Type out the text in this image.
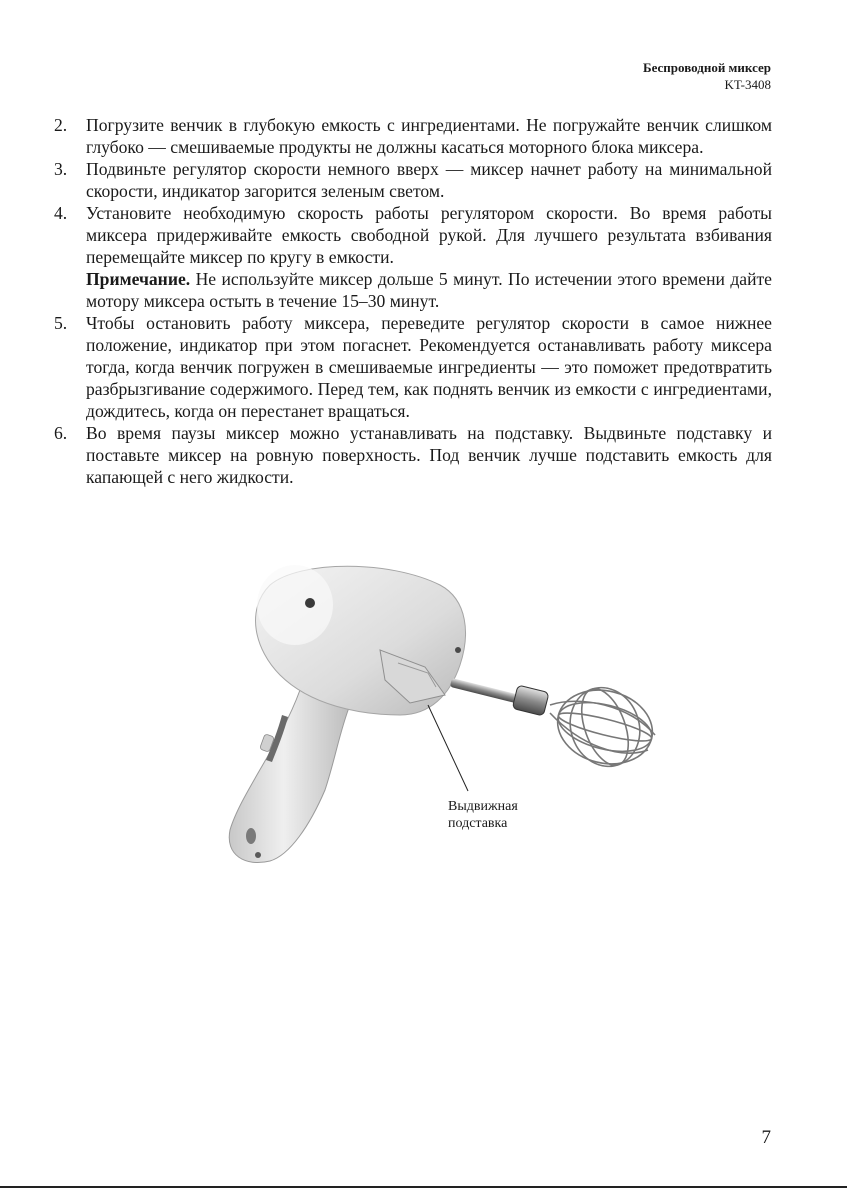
Беспроводной миксер
KT-3408
2.	Погрузите венчик в глубокую емкость с ингредиентами. Не погружайте венчик слишком глубоко — смешиваемые продукты не должны касаться моторного блока миксера.

3.	Подвиньте регулятор скорости немного вверх — миксер начнет работу на минимальной скорости, индикатор загорится зеленым светом.

4.	Установите необходимую скорость работы регулятором скорости. Во время работы миксера придерживайте емкость свободной рукой. Для лучшего результата взбивания перемещайте миксер по кругу в емкости.

Примечание. Не используйте миксер дольше 5 минут. По истечении этого времени дайте мотору миксера остыть в течение 15–30 минут.

5.	Чтобы остановить работу миксера, переведите регулятор скорости в самое нижнее положение, индикатор при этом погаснет. Рекомендуется останавливать работу миксера тогда, когда венчик погружен в смешиваемые ингредиенты — это поможет предотвратить разбрызгивание содержимого. Перед тем, как поднять венчик из емкости с ингредиентами, дождитесь, когда он перестанет вращаться.

6.	Во время паузы миксер можно устанавливать на подставку. Выдвиньте подставку и поставьте миксер на ровную поверхность. Под венчик лучше подставить емкость для капающей с него жидкости.

Выдвижная
подставка
7
